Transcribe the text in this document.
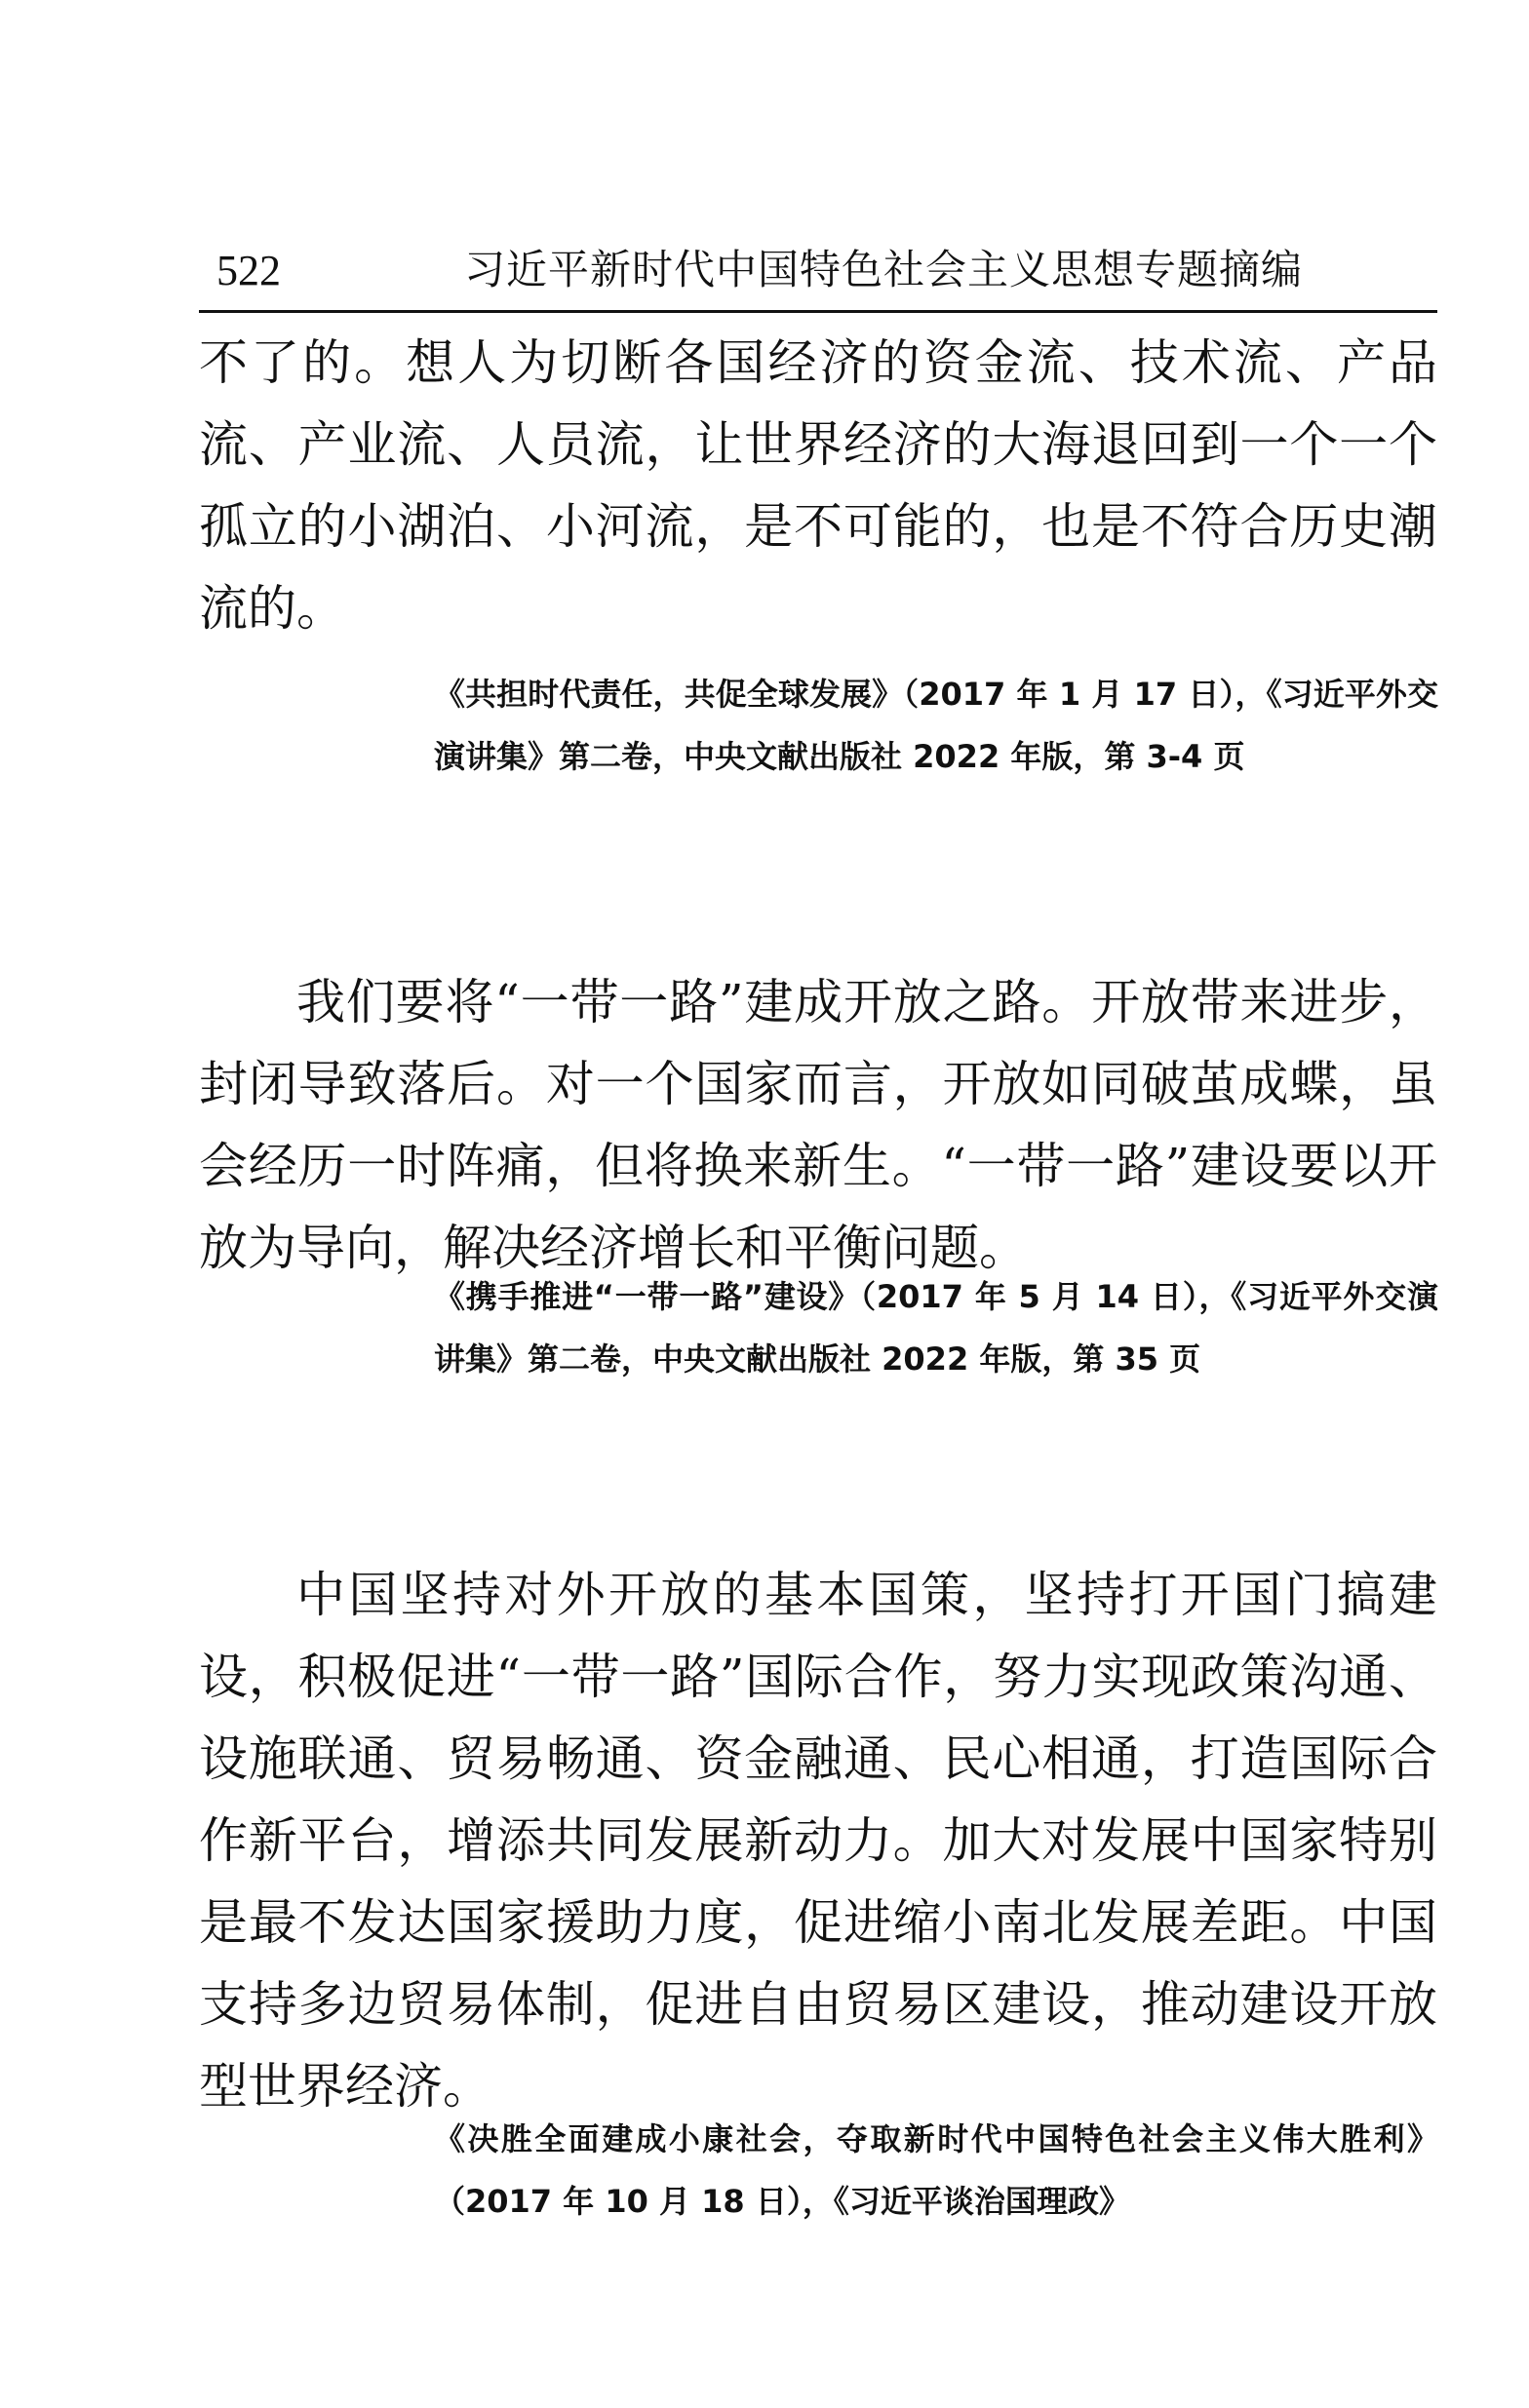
522	习近平新时代中国特色社会主义思想专题摘编

不了的。想人为切断各国经济的资金流、技术流、产品流、产业流、人员流，让世界经济的大海退回到一个一个孤立的小湖泊、小河流，是不可能的，也是不符合历史潮流的。

《共担时代责任，共促全球发展》（2017 年 1 月 17 日），《习近平外交演讲集》第二卷，中央文献出版社 2022 年版，第 3-4 页

我们要将“一带一路”建成开放之路。开放带来进步，封闭导致落后。对一个国家而言，开放如同破茧成蝶，虽会经历一时阵痛，但将换来新生。“一带一路”建设要以开放为导向，解决经济增长和平衡问题。

《携手推进“一带一路”建设》（2017 年 5 月 14 日），《习近平外交演讲集》第二卷，中央文献出版社 2022 年版，第 35 页

中国坚持对外开放的基本国策，坚持打开国门搞建设，积极促进“一带一路”国际合作，努力实现政策沟通、设施联通、贸易畅通、资金融通、民心相通，打造国际合作新平台，增添共同发展新动力。加大对发展中国家特别是最不发达国家援助力度，促进缩小南北发展差距。中国支持多边贸易体制，促进自由贸易区建设，推动建设开放型世界经济。

《决胜全面建成小康社会，夺取新时代中国特色社会主义伟大胜利》（2017 年 10 月 18 日），《习近平谈治国理政》
